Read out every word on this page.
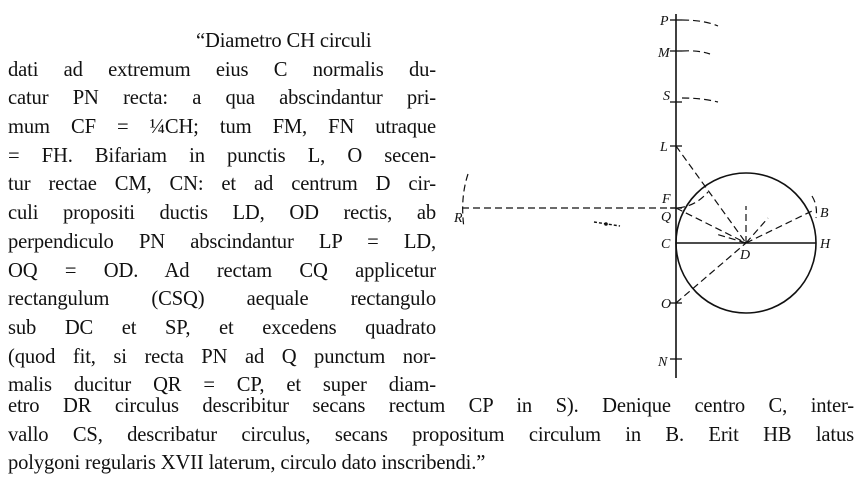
“Diametro CH circuli
dati ad extremum eius C normalis du-
catur PN recta: a qua abscindantur pri-
mum CF = ¼CH; tum FM, FN utraque
= FH. Bifariam in punctis L, O secen-
tur rectae CM, CN: et ad centrum D cir-
culi propositi ductis LD, OD rectis, ab
perpendiculo PN abscindantur LP = LD,
OQ = OD. Ad rectam CQ applicetur
rectangulum (CSQ) aequale rectangulo
sub DC et SP, et excedens quadrato
(quod fit, si recta PN ad Q punctum nor-
malis ducitur QR = CP, et super diam-
etro DR circulus describitur secans rectum CP in S). Denique centro C, inter-
vallo CS, describatur circulus, secans propositum circulum in B. Erit HB latus
polygoni regularis XVII laterum, circulo dato inscribendi.”
P
M
S
L
F
Q
C
O
N
D
H
B
R
